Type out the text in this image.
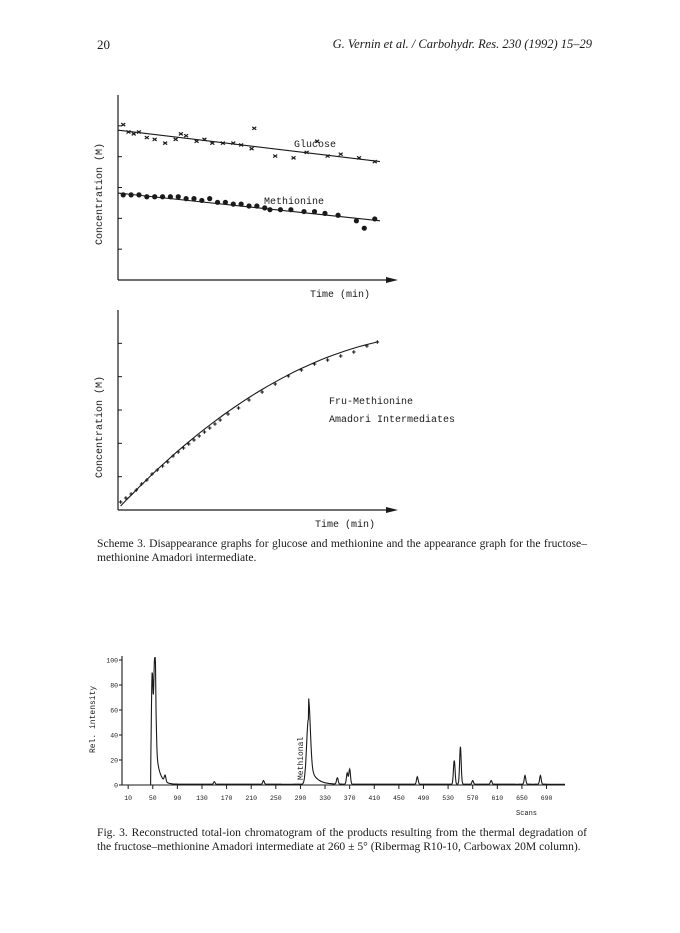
20	G. Vernin et al. / Carbohydr. Res. 230 (1992) 15–29
Glucose
Methionine
Time (min)
Concentration (M)
Fru-Methionine
Amadori Intermediates
Time (min)
Concentration (M)
Scheme 3. Disappearance graphs for glucose and methionine and the appearance graph for the fructose–methionine Amadori intermediate.
0
20
40
60
80
100
10	50	90 130 170 210 250 290 330 370 410 450 490 530 570 610 650 690
Rel. intensity
Scans
Methional
Fig. 3. Reconstructed total-ion chromatogram of the products resulting from the thermal degradation of the fructose–methionine Amadori intermediate at 260 ± 5° (Ribermag R10-10, Carbowax 20M column).
